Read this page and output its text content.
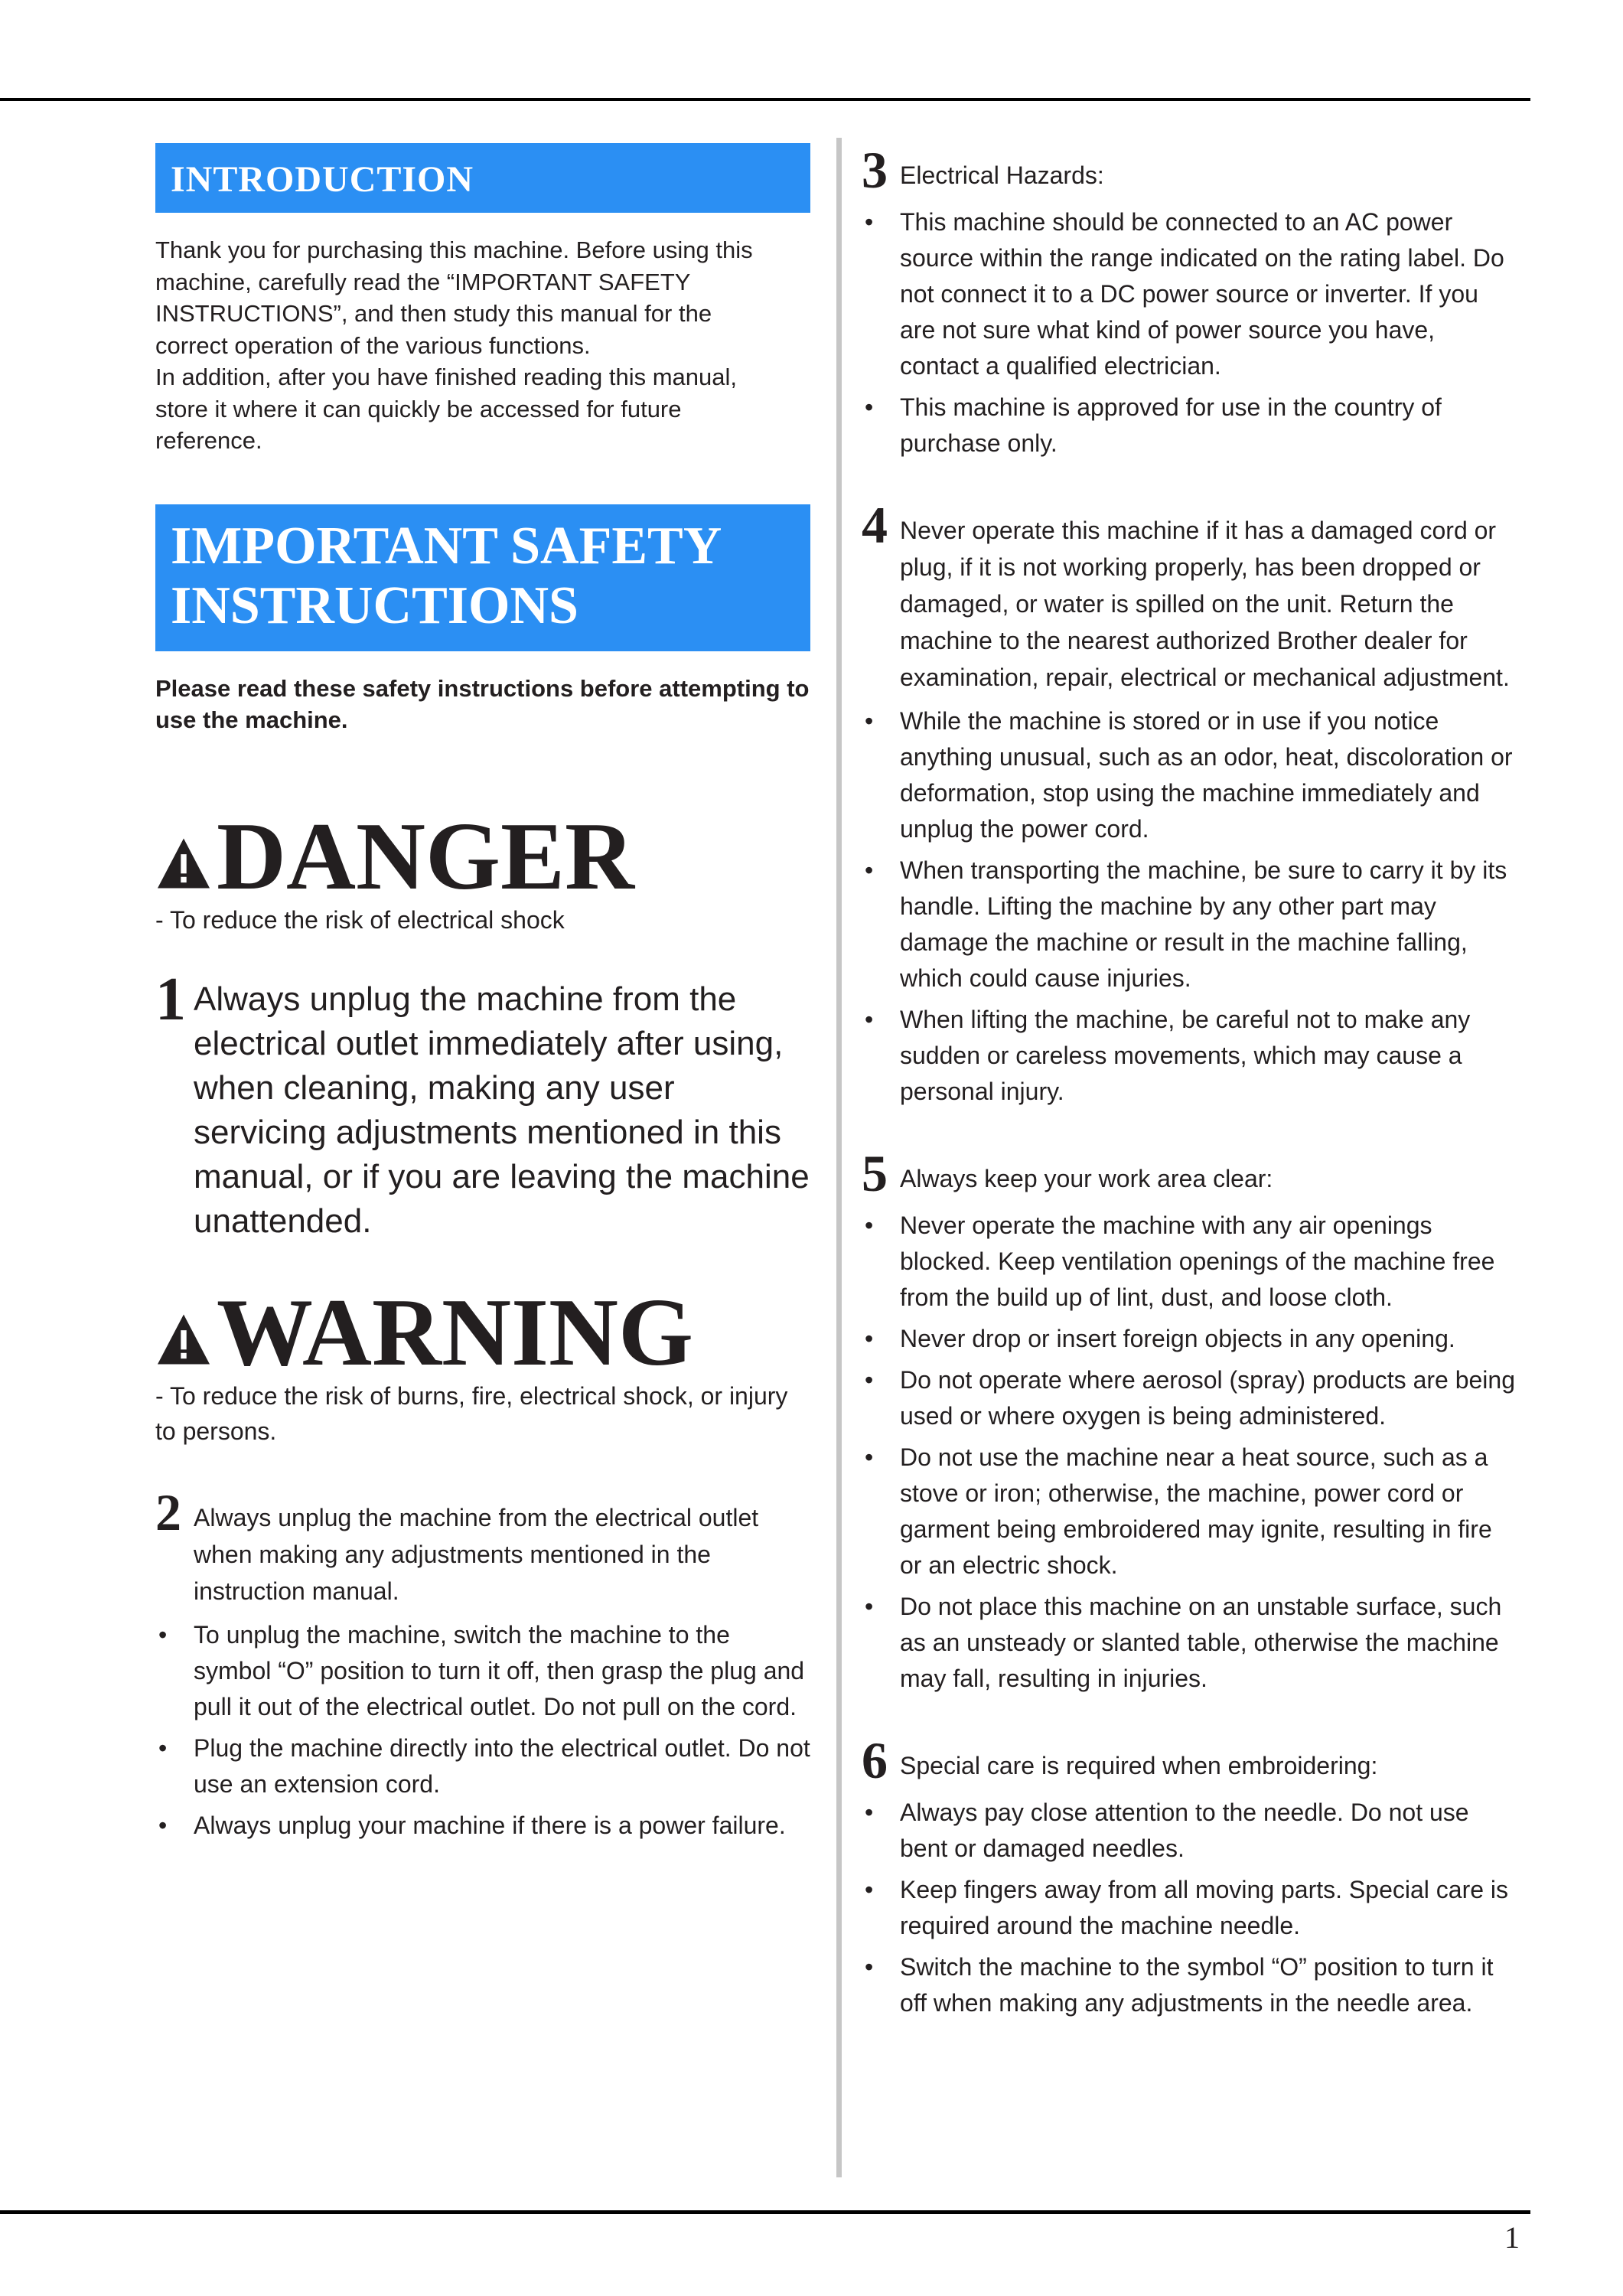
INTRODUCTION
Thank you for purchasing this machine. Before using this
machine, carefully read the “IMPORTANT SAFETY
INSTRUCTIONS”, and then study this manual for the
correct operation of the various functions.
In addition, after you have finished reading this manual,
store it where it can quickly be accessed for future
reference.
IMPORTANT SAFETY
INSTRUCTIONS
Please read these safety instructions before attempting to use the machine.
DANGER
- To reduce the risk of electrical shock
1 Always unplug the machine from the electrical outlet immediately after using, when cleaning, making any user servicing adjustments mentioned in this manual, or if you are leaving the machine unattended.
WARNING
- To reduce the risk of burns, fire, electrical shock, or injury to persons.
2 Always unplug the machine from the electrical outlet when making any adjustments mentioned in the instruction manual.
• To unplug the machine, switch the machine to the symbol “O” position to turn it off, then grasp the plug and pull it out of the electrical outlet. Do not pull on the cord.
• Plug the machine directly into the electrical outlet. Do not use an extension cord.
• Always unplug your machine if there is a power failure.
3 Electrical Hazards:
• This machine should be connected to an AC power source within the range indicated on the rating label. Do not connect it to a DC power source or inverter. If you are not sure what kind of power source you have, contact a qualified electrician.
• This machine is approved for use in the country of purchase only.
4 Never operate this machine if it has a damaged cord or plug, if it is not working properly, has been dropped or damaged, or water is spilled on the unit. Return the machine to the nearest authorized Brother dealer for examination, repair, electrical or mechanical adjustment.
• While the machine is stored or in use if you notice anything unusual, such as an odor, heat, discoloration or deformation, stop using the machine immediately and unplug the power cord.
• When transporting the machine, be sure to carry it by its handle. Lifting the machine by any other part may damage the machine or result in the machine falling, which could cause injuries.
• When lifting the machine, be careful not to make any sudden or careless movements, which may cause a personal injury.
5 Always keep your work area clear:
• Never operate the machine with any air openings blocked. Keep ventilation openings of the machine free from the build up of lint, dust, and loose cloth.
• Never drop or insert foreign objects in any opening.
• Do not operate where aerosol (spray) products are being used or where oxygen is being administered.
• Do not use the machine near a heat source, such as a stove or iron; otherwise, the machine, power cord or garment being embroidered may ignite, resulting in fire or an electric shock.
• Do not place this machine on an unstable surface, such as an unsteady or slanted table, otherwise the machine may fall, resulting in injuries.
6 Special care is required when embroidering:
• Always pay close attention to the needle. Do not use bent or damaged needles.
• Keep fingers away from all moving parts. Special care is required around the machine needle.
• Switch the machine to the symbol “O” position to turn it off when making any adjustments in the needle area.
1
